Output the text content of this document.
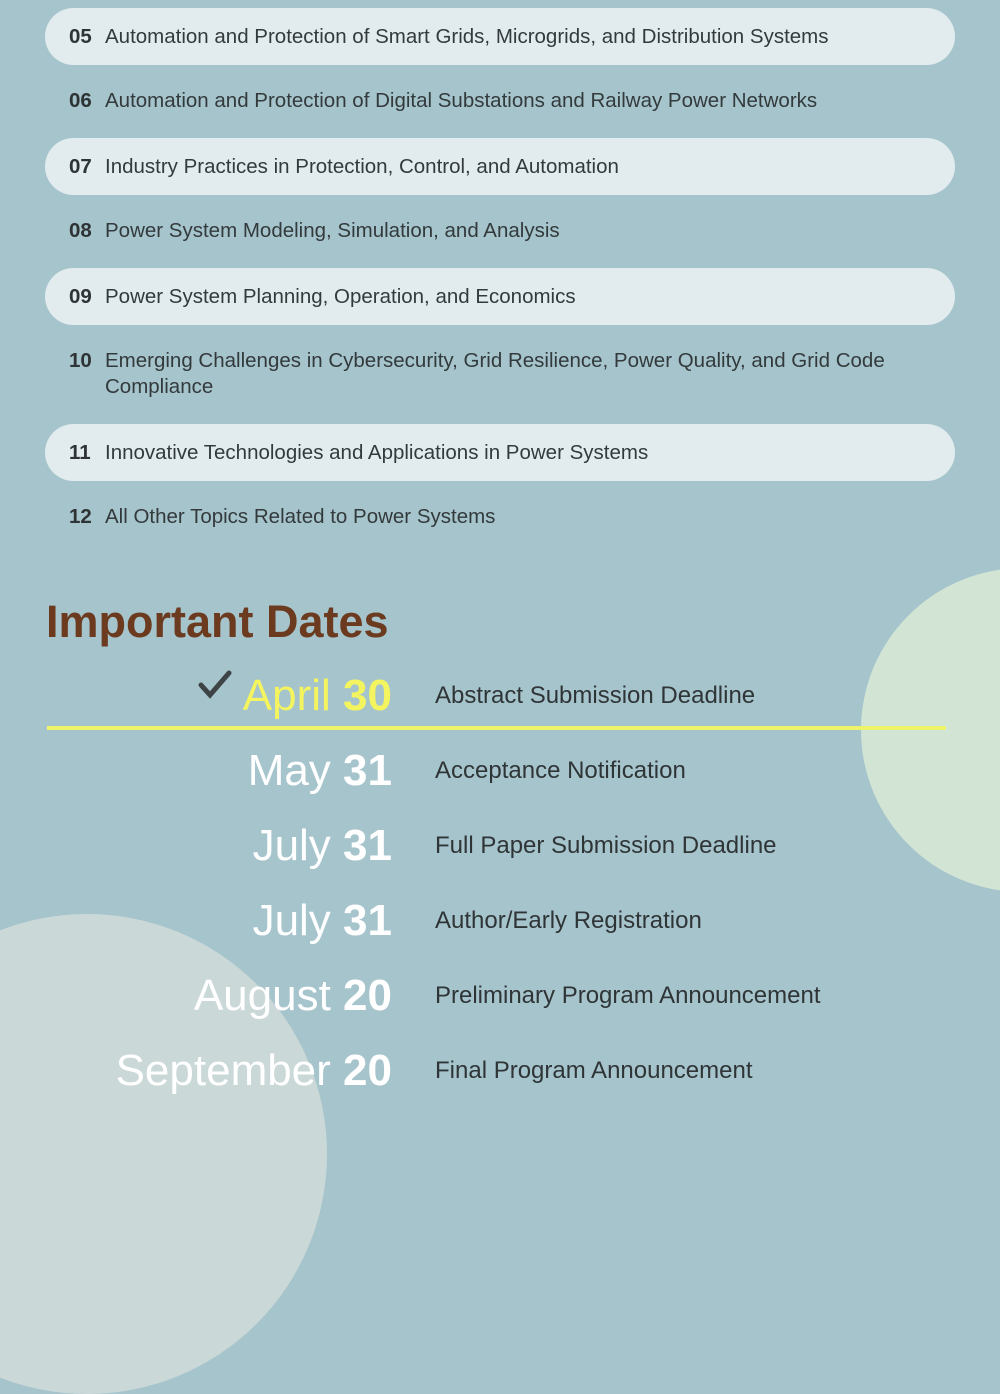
05 Automation and Protection of Smart Grids, Microgrids, and Distribution Systems
06 Automation and Protection of Digital Substations and Railway Power Networks
07 Industry Practices in Protection, Control, and Automation
08 Power System Modeling, Simulation, and Analysis
09 Power System Planning, Operation, and Economics
10 Emerging Challenges in Cybersecurity, Grid Resilience, Power Quality, and Grid Code Compliance
11 Innovative Technologies and Applications in Power Systems
12 All Other Topics Related to Power Systems
Important Dates
April 30 Abstract Submission Deadline
May 31 Acceptance Notification
July 31 Full Paper Submission Deadline
July 31 Author/Early Registration
August 20 Preliminary Program Announcement
September 20 Final Program Announcement
